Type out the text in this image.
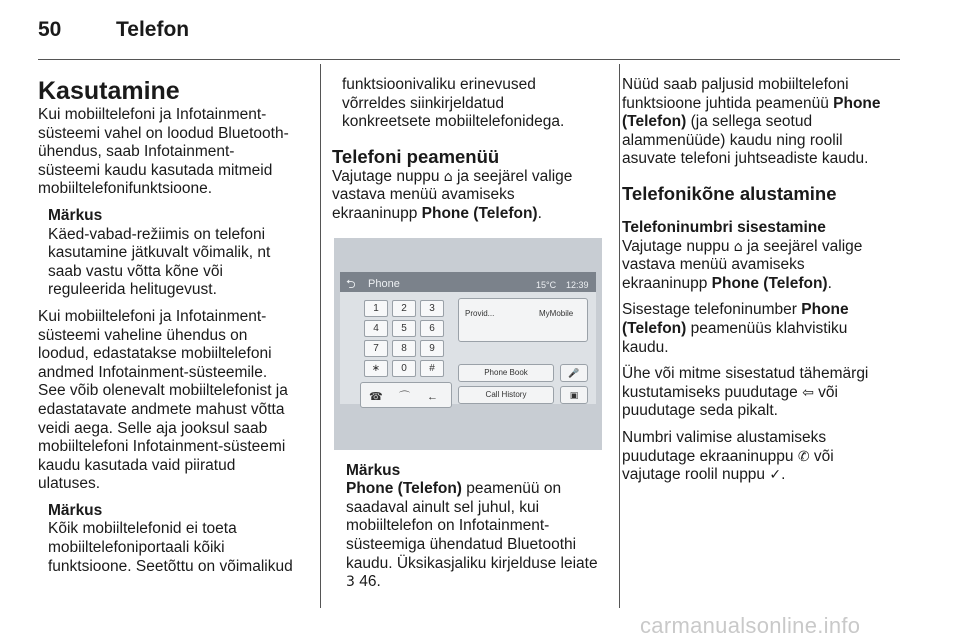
50	Telefon
Kasutamine

Kui mobiiltelefoni ja Infotainment-
süsteemi vahel on loodud Bluetooth-
ühendus, saab Infotainment-
süsteemi kaudu kasutada mitmeid
mobiiltelefonifunktsioone.

Märkus

Käed-vabad-režiimis on telefoni
kasutamine jätkuvalt võimalik, nt
saab vastu võtta kõne või
reguleerida helitugevust.

Kui mobiiltelefoni ja Infotainment-
süsteemi vaheline ühendus on
loodud, edastatakse mobiiltelefoni
andmed Infotainment-süsteemile.
See võib olenevalt mobiiltelefonist ja
edastatavate andmete mahust võtta
veidi aega. Selle aja jooksul saab
mobiiltelefoni Infotainment-süsteemi
kaudu kasutada vaid piiratud
ulatuses.

Märkus

Kõik mobiiltelefonid ei toeta
mobiiltelefoniportaali kõiki
funktsioone. Seetõttu on võimalikud

funktsioonivaliku erinevused
võrreldes siinkirjeldatud
konkreetsete mobiiltelefonidega.

Telefoni peamenüü

Vajutage nuppu ⌂ ja seejärel valige
vastava menüü avamiseks
ekraaninupp Phone (Telefon).

⮌ Phone	15°C 12:39
1	2	3
4	5	6
7	8	9
∗	0	#
☎ ⌒ ←
Provid...	MyMobile
Phone Book	🎤
Call History	▣

Märkus

Phone (Telefon) peamenüü on
saadaval ainult sel juhul, kui
mobiiltelefon on Infotainment-
süsteemiga ühendatud Bluetoothi
kaudu. Üksikasjaliku kirjelduse leiate
3 46.

Nüüd saab paljusid mobiiltelefoni
funktsioone juhtida peamenüü Phone
(Telefon) (ja sellega seotud
alammenüüde) kaudu ning roolil
asuvate telefoni juhtseadiste kaudu.

Telefonikõne alustamine
Telefoninumbri sisestamine

Vajutage nuppu ⌂ ja seejärel valige
vastava menüü avamiseks
ekraaninupp Phone (Telefon).

Sisestage telefoninumber Phone
(Telefon) peamenüüs klahvistiku
kaudu.

Ühe või mitme sisestatud tähemärgi
kustutamiseks puudutage ⇦ või
puudutage seda pikalt.

Numbri valimise alustamiseks
puudutage ekraaninuppu ✆ või
vajutage roolil nuppu ✓.

carmanualsonline.info
